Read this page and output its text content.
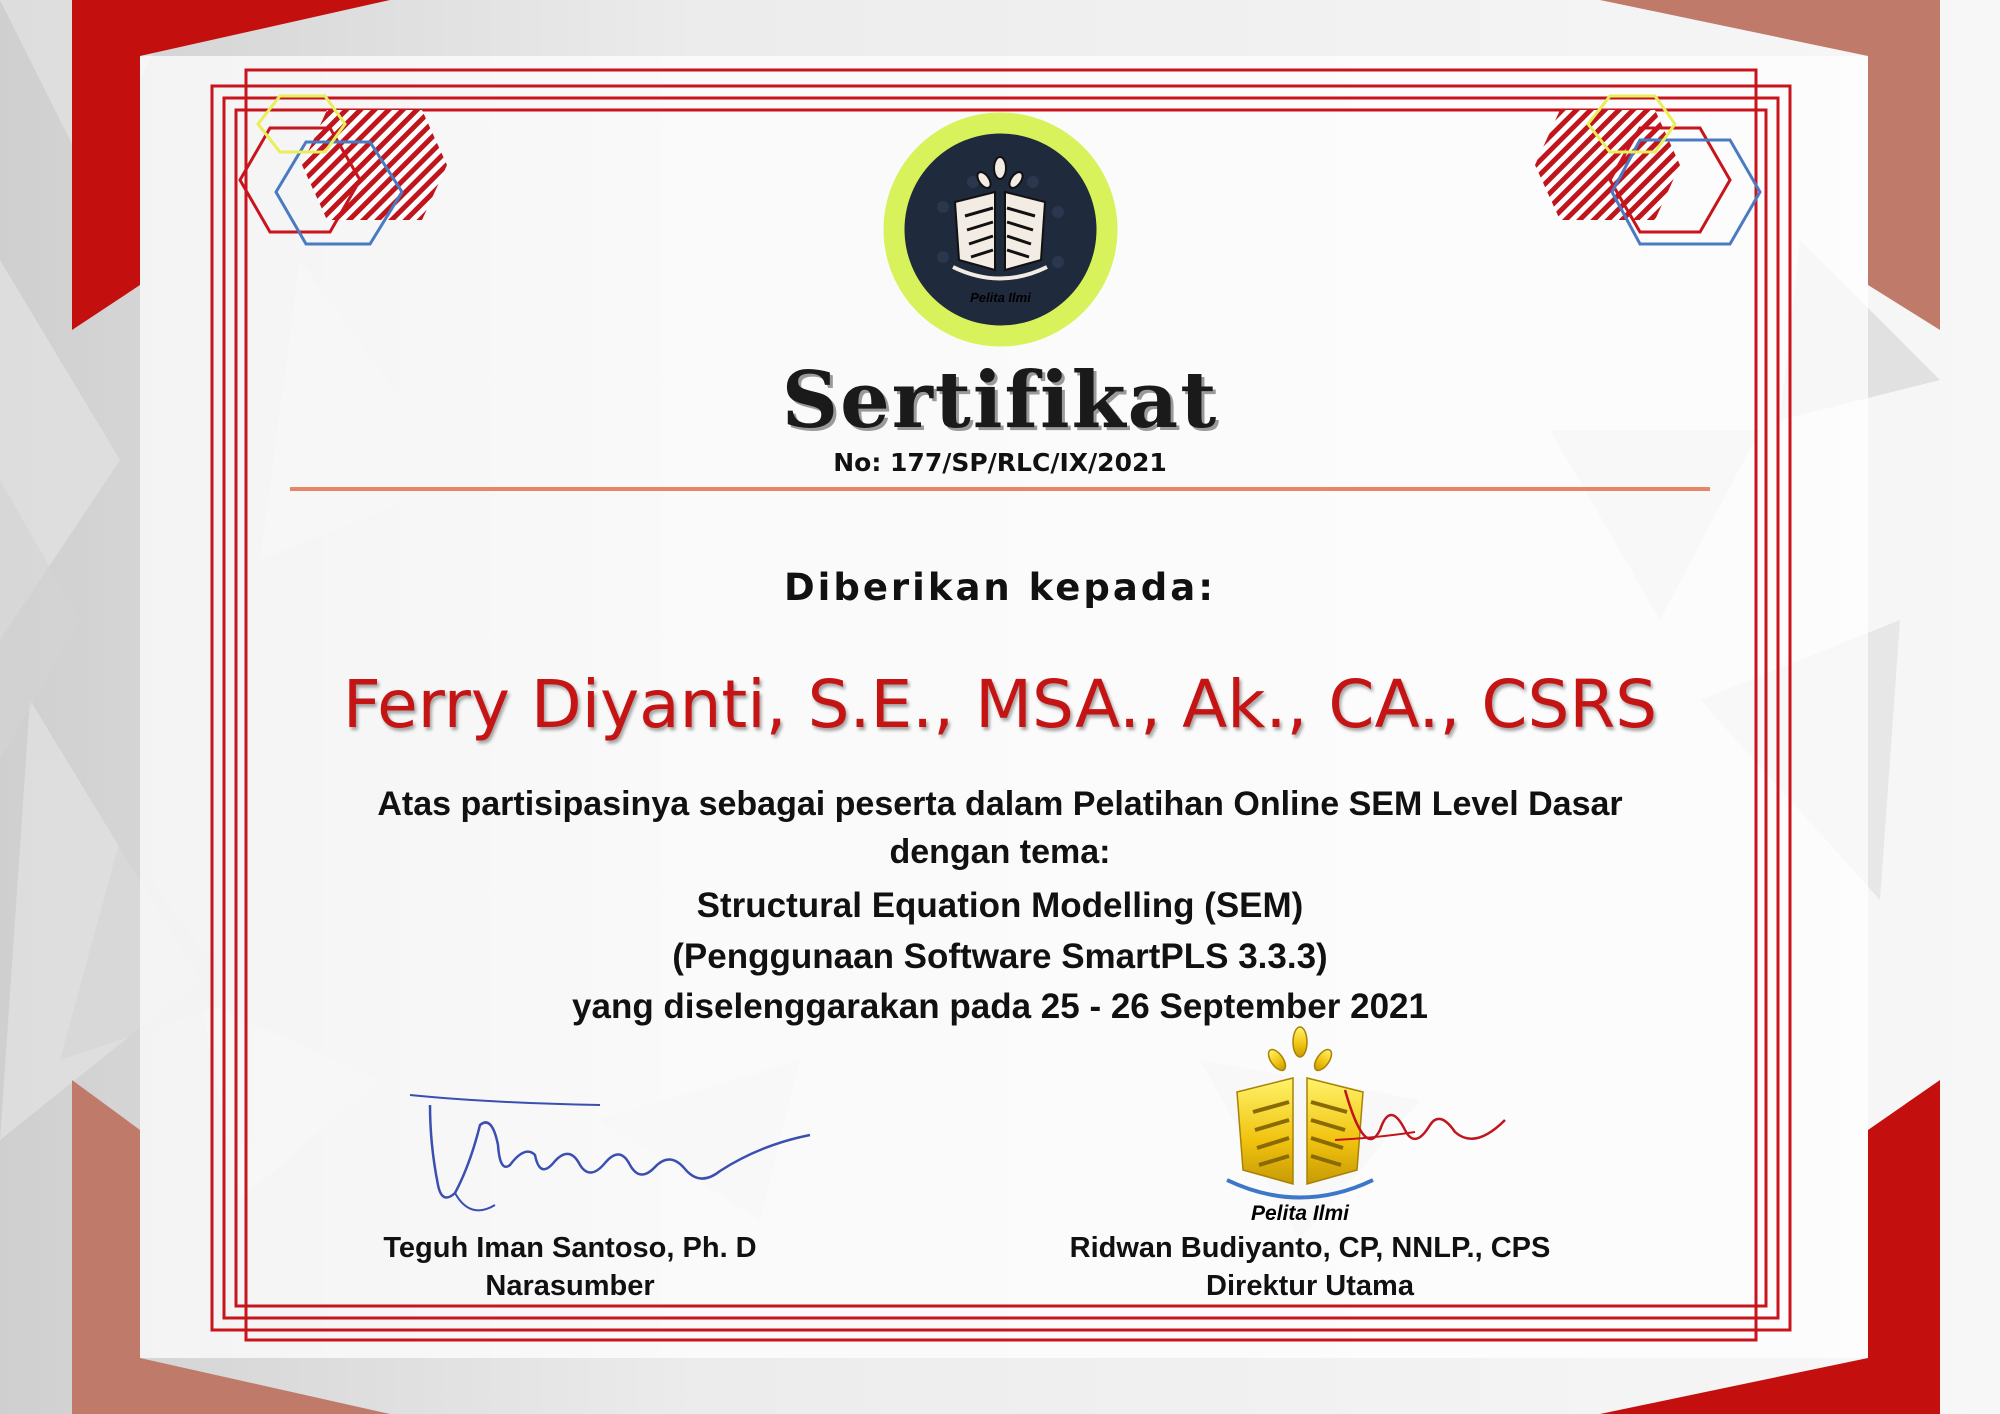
Pelita Ilmi
Sertifikat
No: 177/SP/RLC/IX/2021
Diberikan kepada:
Ferry Diyanti, S.E., MSA., Ak., CA., CSRS
Atas partisipasinya sebagai peserta dalam Pelatihan Online SEM Level Dasar
dengan tema:
Structural Equation Modelling (SEM)
(Penggunaan Software SmartPLS 3.3.3)
yang diselenggarakan pada 25 - 26 September 2021
Pelita Ilmi
Teguh Iman Santoso, Ph. D
Narasumber
Ridwan Budiyanto, CP, NNLP., CPS
Direktur Utama
